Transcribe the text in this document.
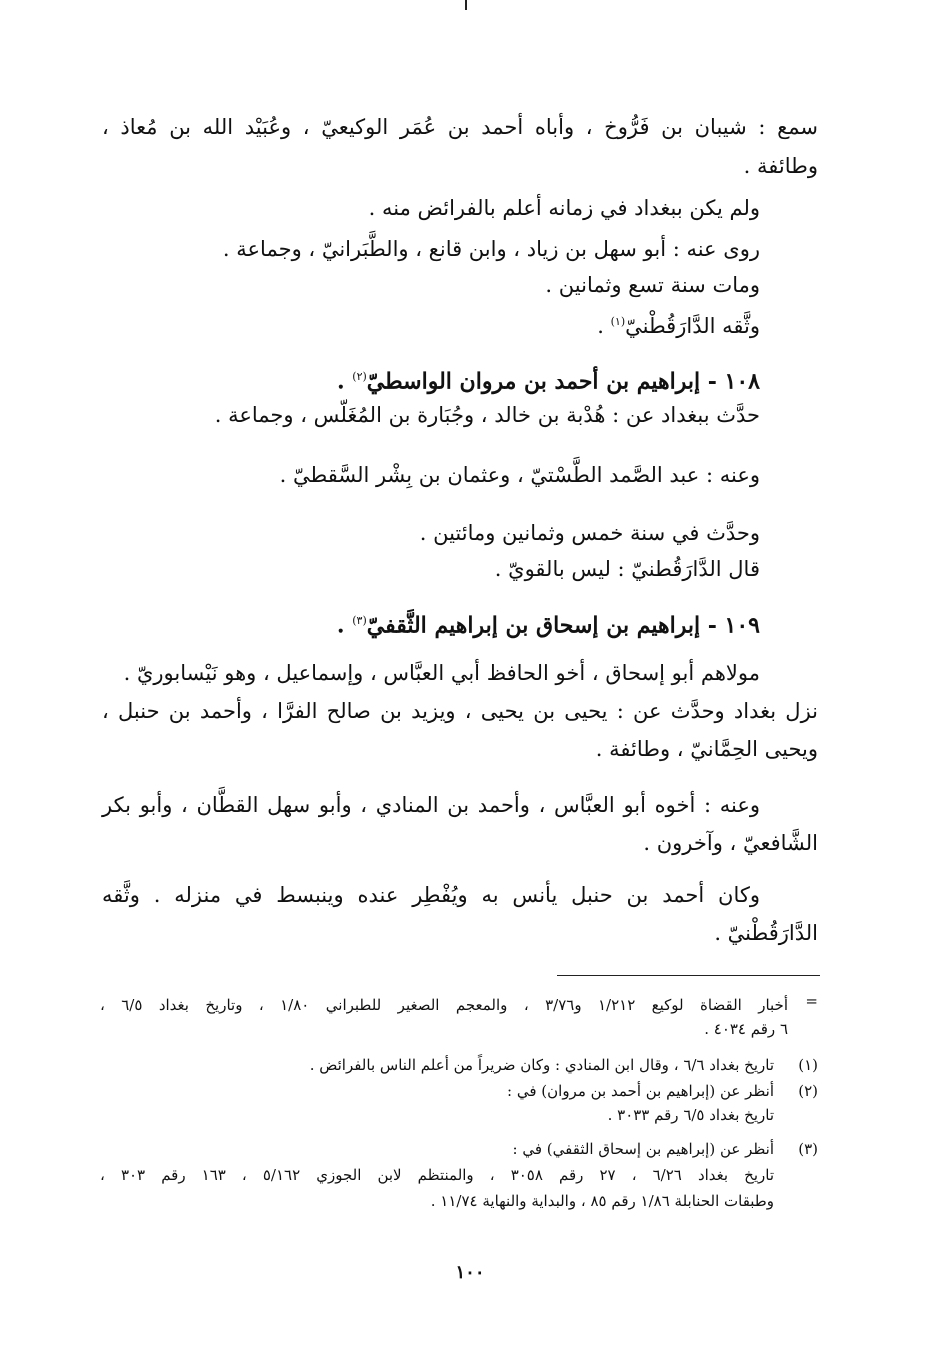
سمع : شيبان بن فَرُّوخ ، وأباه أحمد بن عُمَر الوكيعيّ ، وعُبَيْد الله بن مُعاذ ،
وطائفة .
ولم يكن ببغداد في زمانه أعلم بالفرائض منه .
روى عنه : أبو سهل بن زياد ، وابن قانع ، والطَّبَرانيّ ، وجماعة .
ومات سنة تسع وثمانين .
وثَّقه الدَّارَقُطْنيّ$^{(١)}$ .
١٠٨ - إبراهيم بن أحمد بن مروان الواسطيّ$^{(٢)}$ .
حدَّث ببغداد عن : هُدْبة بن خالد ، وجُبَارة بن المُغَلّس ، وجماعة .
وعنه : عبد الصَّمد الطَّسْتيّ ، وعثمان بن بِشْر السَّقطيّ .
وحدَّث في سنة خمس وثمانين ومائتين .
قال الدَّارَقُطنيّ : ليس بالقويّ .
١٠٩ - إبراهيم بن إسحاق بن إبراهيم الثَّقفيّ$^{(٣)}$ .
مولاهم أبو إسحاق ، أخو الحافظ أبي العبَّاس ، وإسماعيل ، وهو نَيْسابوريّ .
نزل بغداد وحدَّث عن : يحيى بن يحيى ، ويزيد بن صالح الفرَّا ، وأحمد بن حنبل ،
ويحيى الحِمَّانيّ ، وطائفة .
وعنه : أخوه أبو العبَّاس ، وأحمد بن المنادي ، وأبو سهل القطَّان ، وأبو بكر
الشَّافعيّ ، وآخرون .
وكان أحمد بن حنبل يأنس به ويُفْطِر عنده وينبسط في منزله . وثَّقه
الدَّارَقُطْنيّ .
=
أخبار القضاة لوكيع ١/٢١٢ و٣/٧٦ ، والمعجم الصغير للطبراني ١/٨٠ ، وتاريخ بغداد ٦/٥ ،
٦ رقم ٤٠٣٤ .
(١)تاريخ بغداد ٦/٦ ، وقال ابن المنادي : وكان ضريراً من أعلم الناس بالفرائض .
(٢)أنظر عن (إبراهيم بن أحمد بن مروان) في :
تاريخ بغداد ٦/٥ رقم ٣٠٣٣ .
(٣)أنظر عن (إبراهيم بن إسحاق الثقفي) في :
تاريخ بغداد ٦/٢٦ ، ٢٧ رقم ٣٠٥٨ ، والمنتظم لابن الجوزي ٥/١٦٢ ، ١٦٣ رقم ٣٠٣ ،
وطبقات الحنابلة ١/٨٦ رقم ٨٥ ، والبداية والنهاية ١١/٧٤ .
١٠٠
